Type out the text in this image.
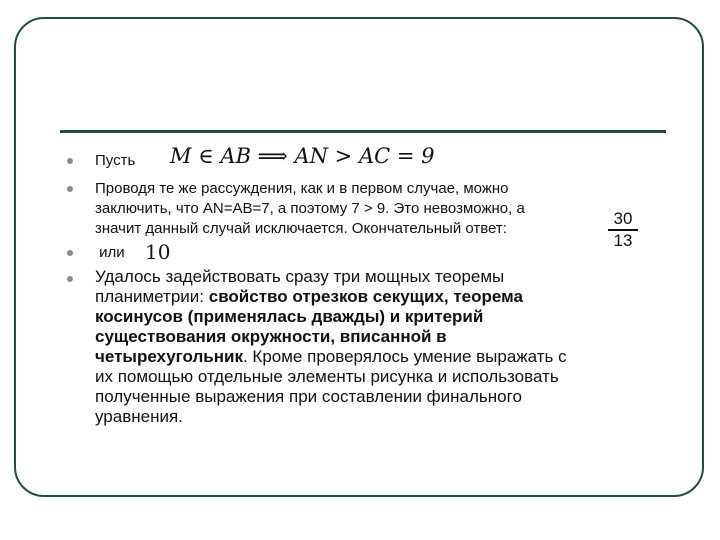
Пусть M ∈ AB ⟹ AN > AC = 9

Проводя те же рассуждения, как и в первом случае, можно

заключить, что AN=AB=7, а поэтому 7 > 9. Это невозможно, а

значит данный случай исключается. Окончательный ответ:

30
13

или 10
Удалось задействовать сразу три мощных теоремы
планиметрии: свойство отрезков секущих, теорема
косинусов (применялась дважды) и критерий
существования окружности, вписанной в
четырехугольник. Кроме проверялось умение выражать с
их помощью отдельные элементы рисунка и использовать
полученные выражения при составлении финального
уравнения.
